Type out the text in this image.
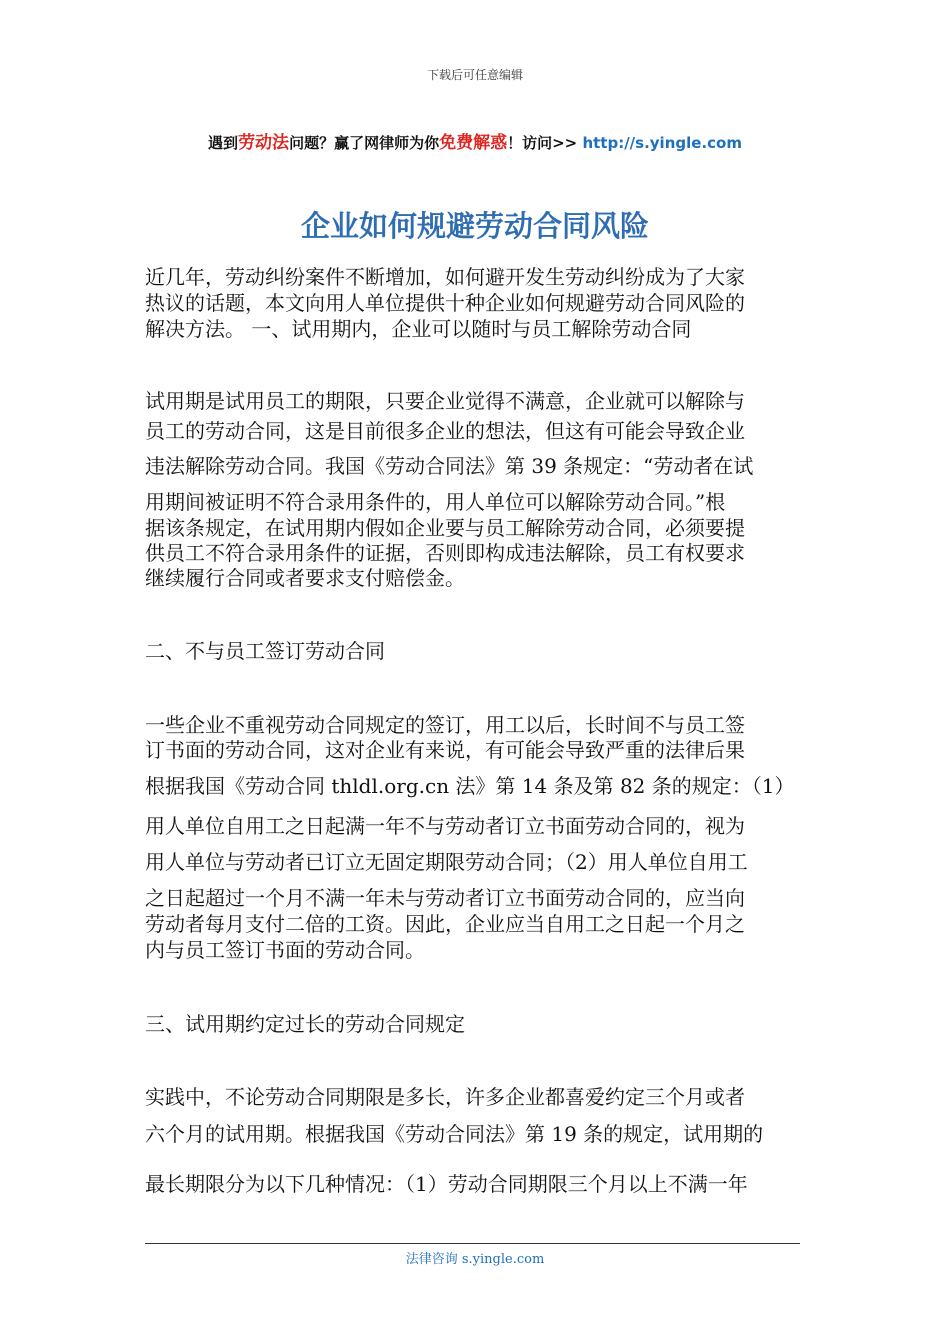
下载后可任意编辑
遇到劳动法问题？赢了网律师为你免费解惑！访问>> http://s.yingle.com
企业如何规避劳动合同风险
近几年，劳动纠纷案件不断增加，如何避开发生劳动纠纷成为了大家
热议的话题，本文向用人单位提供十种企业如何规避劳动合同风险的
解决方法。 一、试用期内，企业可以随时与员工解除劳动合同
试用期是试用员工的期限，只要企业觉得不满意，企业就可以解除与
员工的劳动合同，这是目前很多企业的想法，但这有可能会导致企业
违法解除劳动合同。我国《劳动合同法》第 39 条规定：“劳动者在试
用期间被证明不符合录用条件的，用人单位可以解除劳动合同。”根
据该条规定，在试用期内假如企业要与员工解除劳动合同，必须要提
供员工不符合录用条件的证据，否则即构成违法解除，员工有权要求
继续履行合同或者要求支付赔偿金。
二、不与员工签订劳动合同
一些企业不重视劳动合同规定的签订，用工以后，长时间不与员工签
订书面的劳动合同，这对企业有来说，有可能会导致严重的法律后果
根据我国《劳动合同 thldl.org.cn 法》第 14 条及第 82 条的规定：（1）
用人单位自用工之日起满一年不与劳动者订立书面劳动合同的，视为
用人单位与劳动者已订立无固定期限劳动合同；（2）用人单位自用工
之日起超过一个月不满一年未与劳动者订立书面劳动合同的，应当向
劳动者每月支付二倍的工资。因此，企业应当自用工之日起一个月之
内与员工签订书面的劳动合同。
三、试用期约定过长的劳动合同规定
实践中，不论劳动合同期限是多长，许多企业都喜爱约定三个月或者
六个月的试用期。根据我国《劳动合同法》第 19 条的规定，试用期的
最长期限分为以下几种情况：（1）劳动合同期限三个月以上不满一年
法律咨询 s.yingle.com
